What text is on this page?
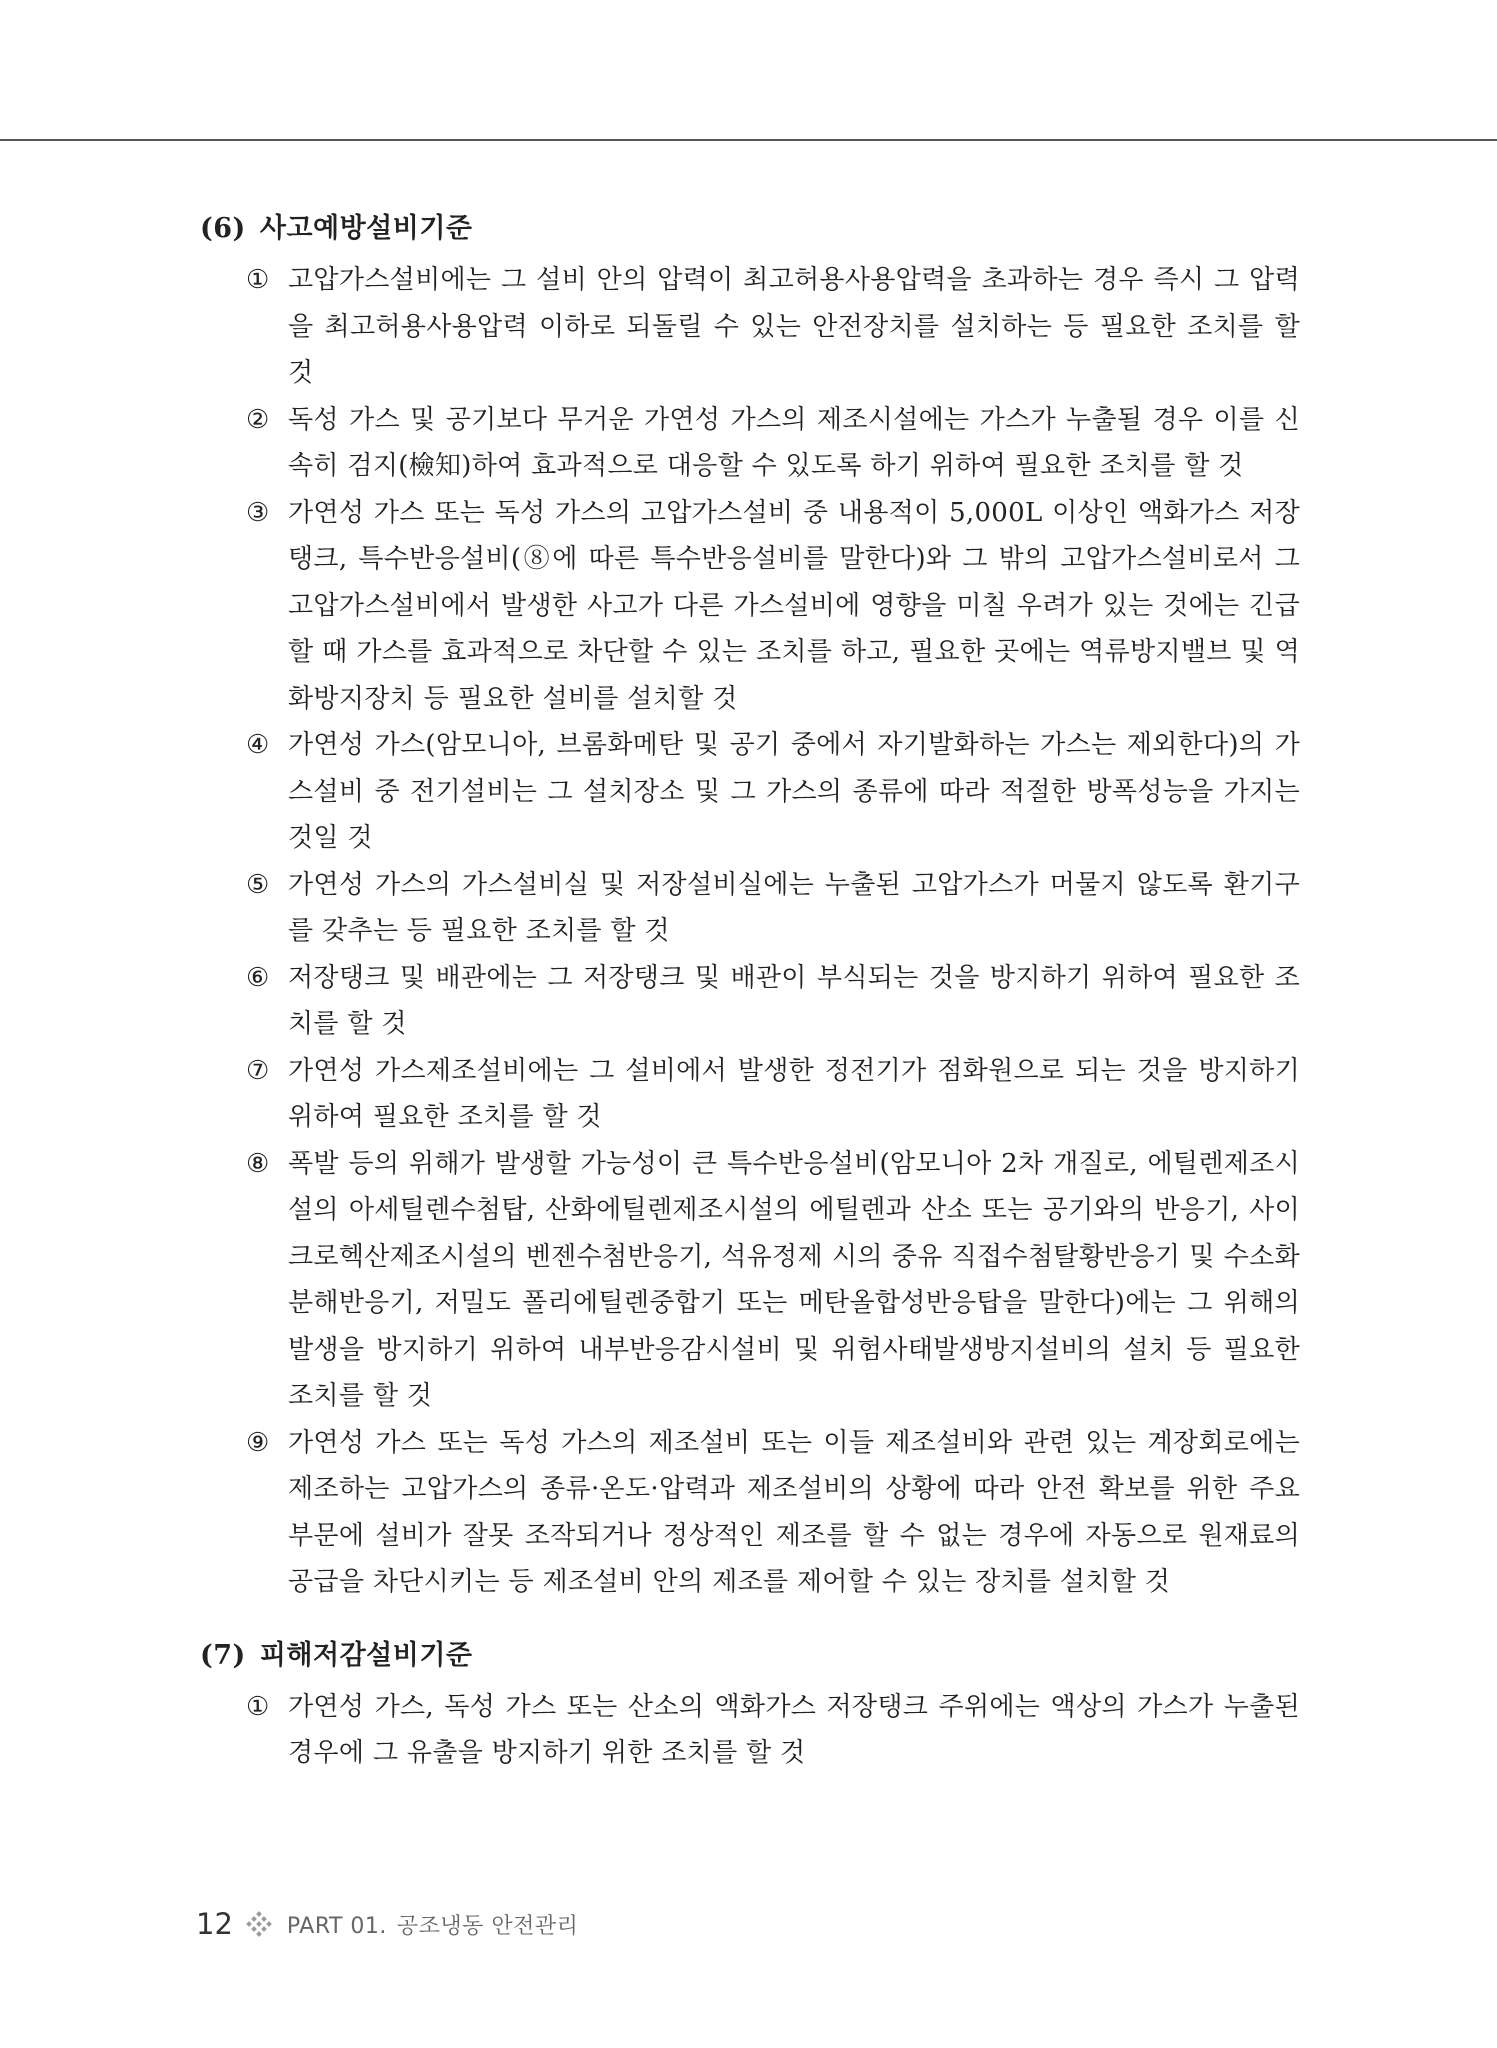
(6) 사고예방설비기준
① 고압가스설비에는 그 설비 안의 압력이 최고허용사용압력을 초과하는 경우 즉시 그 압력을 최고허용사용압력 이하로 되돌릴 수 있는 안전장치를 설치하는 등 필요한 조치를 할 것
② 독성 가스 및 공기보다 무거운 가연성 가스의 제조시설에는 가스가 누출될 경우 이를 신속히 검지(檢知)하여 효과적으로 대응할 수 있도록 하기 위하여 필요한 조치를 할 것
③ 가연성 가스 또는 독성 가스의 고압가스설비 중 내용적이 5,000L 이상인 액화가스 저장탱크, 특수반응설비(⑧에 따른 특수반응설비를 말한다)와 그 밖의 고압가스설비로서 그 고압가스설비에서 발생한 사고가 다른 가스설비에 영향을 미칠 우려가 있는 것에는 긴급할 때 가스를 효과적으로 차단할 수 있는 조치를 하고, 필요한 곳에는 역류방지밸브 및 역화방지장치 등 필요한 설비를 설치할 것
④ 가연성 가스(암모니아, 브롬화메탄 및 공기 중에서 자기발화하는 가스는 제외한다)의 가스설비 중 전기설비는 그 설치장소 및 그 가스의 종류에 따라 적절한 방폭성능을 가지는 것일 것
⑤ 가연성 가스의 가스설비실 및 저장설비실에는 누출된 고압가스가 머물지 않도록 환기구를 갖추는 등 필요한 조치를 할 것
⑥ 저장탱크 및 배관에는 그 저장탱크 및 배관이 부식되는 것을 방지하기 위하여 필요한 조치를 할 것
⑦ 가연성 가스제조설비에는 그 설비에서 발생한 정전기가 점화원으로 되는 것을 방지하기 위하여 필요한 조치를 할 것
⑧ 폭발 등의 위해가 발생할 가능성이 큰 특수반응설비(암모니아 2차 개질로, 에틸렌제조시설의 아세틸렌수첨탑, 산화에틸렌제조시설의 에틸렌과 산소 또는 공기와의 반응기, 사이크로헥산제조시설의 벤젠수첨반응기, 석유정제 시의 중유 직접수첨탈황반응기 및 수소화분해반응기, 저밀도 폴리에틸렌중합기 또는 메탄올합성반응탑을 말한다)에는 그 위해의 발생을 방지하기 위하여 내부반응감시설비 및 위험사태발생방지설비의 설치 등 필요한 조치를 할 것
⑨ 가연성 가스 또는 독성 가스의 제조설비 또는 이들 제조설비와 관련 있는 계장회로에는 제조하는 고압가스의 종류·온도·압력과 제조설비의 상황에 따라 안전 확보를 위한 주요 부문에 설비가 잘못 조작되거나 정상적인 제조를 할 수 없는 경우에 자동으로 원재료의 공급을 차단시키는 등 제조설비 안의 제조를 제어할 수 있는 장치를 설치할 것
(7) 피해저감설비기준
① 가연성 가스, 독성 가스 또는 산소의 액화가스 저장탱크 주위에는 액상의 가스가 누출된 경우에 그 유출을 방지하기 위한 조치를 할 것
12 PART 01. 공조냉동 안전관리
